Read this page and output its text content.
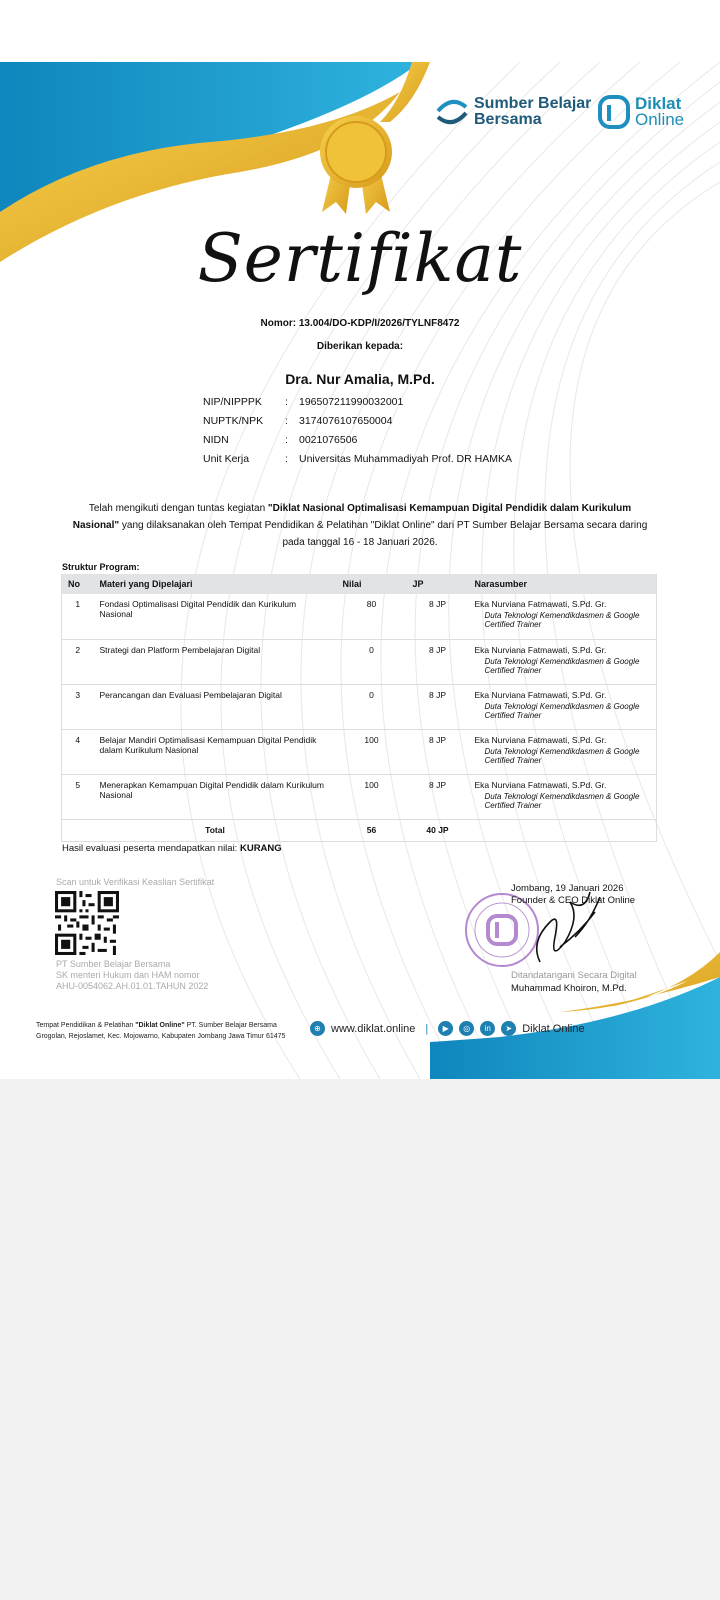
Sumber Belajar
Bersama
Diklat
Online
Sertifikat
Nomor: 13.004/DO-KDP/I/2026/TYLNF8472
Diberikan kepada:
Dra. Nur Amalia, M.Pd.
NIP/NIPPPK	:	196507211990032001
NUPTK/NPK	:	3174076107650004
NIDN	:	0021076506
Unit Kerja	:	Universitas Muhammadiyah Prof. DR HAMKA
Telah mengikuti dengan tuntas kegiatan "Diklat Nasional Optimalisasi Kemampuan Digital Pendidik dalam Kurikulum Nasional" yang dilaksanakan oleh Tempat Pendidikan & Pelatihan "Diklat Online" dari PT Sumber Belajar Bersama secara daring pada tanggal 16 - 18 Januari 2026.
Struktur Program:
No	Materi yang Dipelajari	Nilai	JP	Narasumber
1	Fondasi Optimalisasi Digital Pendidik dan Kurikulum Nasional	80	8 JP	Eka Nurviana Fatmawati, S.Pd. Gr.
Duta Teknologi Kemendikdasmen & Google Certified Trainer

2	Strategi dan Platform Pembelajaran Digital	0	8 JP	Eka Nurviana Fatmawati, S.Pd. Gr.
Duta Teknologi Kemendikdasmen & Google Certified Trainer

3	Perancangan dan Evaluasi Pembelajaran Digital	0	8 JP	Eka Nurviana Fatmawati, S.Pd. Gr.
Duta Teknologi Kemendikdasmen & Google Certified Trainer

4	Belajar Mandiri Optimalisasi Kemampuan Digital Pendidik dalam Kurikulum Nasional	100	8 JP	Eka Nurviana Fatmawati, S.Pd. Gr.
Duta Teknologi Kemendikdasmen & Google Certified Trainer

5	Menerapkan Kemampuan Digital Pendidik dalam Kurikulum Nasional	100	8 JP	Eka Nurviana Fatmawati, S.Pd. Gr.
Duta Teknologi Kemendikdasmen & Google Certified Trainer

	Total	56	40 JP	
Hasil evaluasi peserta mendapatkan nilai: KURANG
Scan untuk Verifikasi Keaslian Sertifikat
PT Sumber Belajar Bersama
SK menteri Hukum dan HAM nomor
AHU-0054062.AH.01.01.TAHUN 2022
Jombang, 19 Januari 2026
Founder & CEO Diklat Online
Ditandatangani Secara Digital
Muhammad Khoiron, M.Pd.
Tempat Pendidikan & Pelatihan "Diklat Online" PT. Sumber Belajar Bersama
Grogolan, Rejoslamet, Kec. Mojowarno, Kabupaten Jombang Jawa Timur 61475
⊕ www.diklat.online |	▶	◎	in	➤ Diklat Online
